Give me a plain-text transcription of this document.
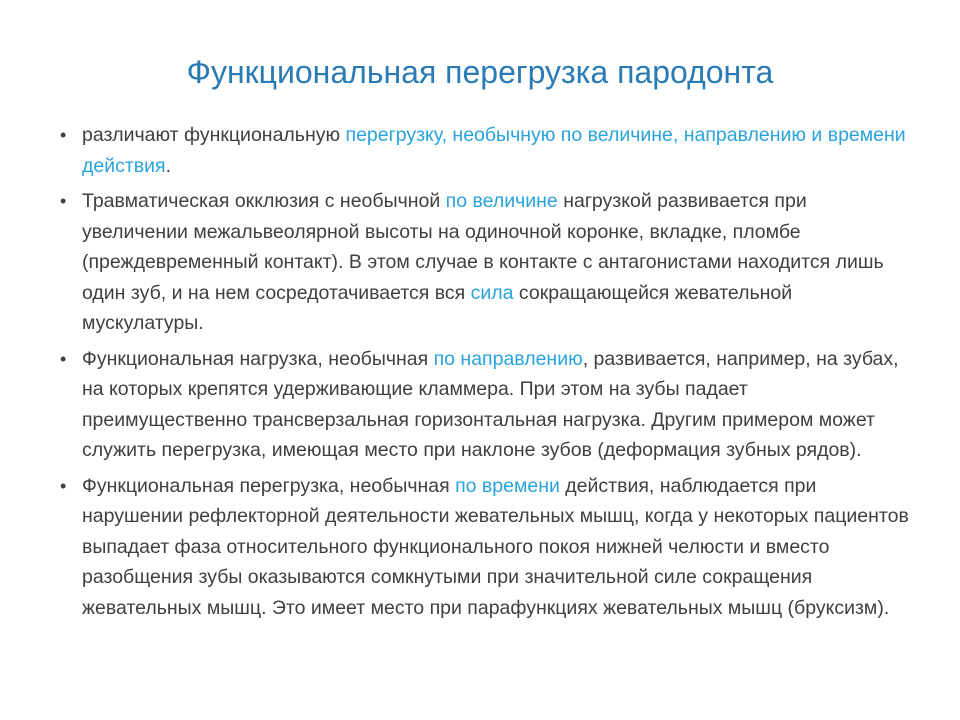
Функциональная перегрузка пародонта
• различают функциональную перегрузку, необычную по величине, направлению и времени действия.
• Травматическая окклюзия с необычной по величине нагрузкой развивается при увеличении межальвеолярной высоты на одиночной коронке, вкладке, пломбе (преждевременный контакт). В этом случае в контакте с антагонистами находится лишь один зуб, и на нем сосредотачивается вся сила сокращающейся жевательной мускулатуры.
• Функциональная нагрузка, необычная по направлению, развивается, например, на зубах, на которых крепятся удерживающие кламмера. При этом на зубы падает преимущественно трансверзальная горизонтальная нагрузка. Другим примером может служить перегрузка, имеющая место при наклоне зубов (деформация зубных рядов).
• Функциональная перегрузка, необычная по времени действия, наблюдается при нарушении рефлекторной деятельности жевательных мышц, когда у некоторых пациентов выпадает фаза относительного функционального покоя нижней челюсти и вместо разобщения зубы оказываются сомкнутыми при значительной силе сокращения жевательных мышц. Это имеет место при парафункциях жевательных мышц (бруксизм).
